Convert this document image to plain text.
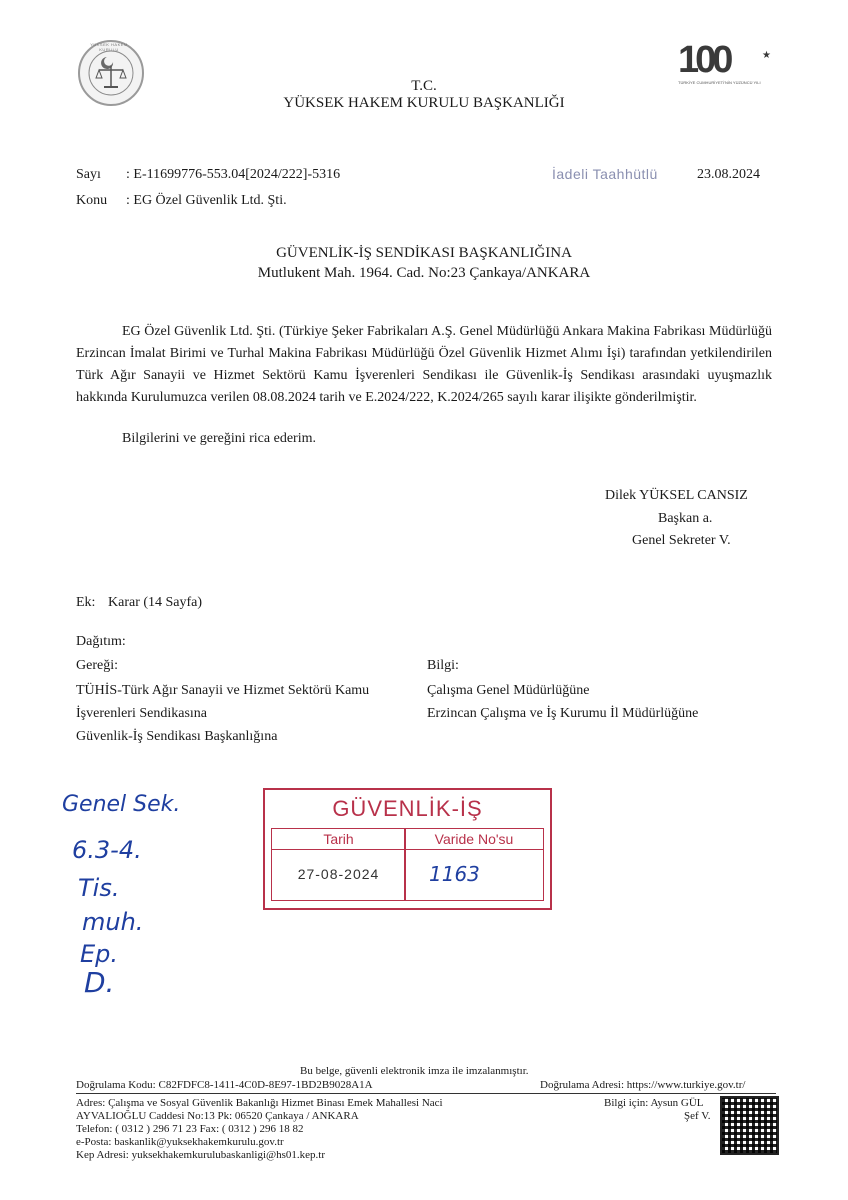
YÜKSEK HAKEM KURULU	100	★
TÜRKİYE CUMHURİYETİ'NİN YÜZÜNCÜ YILI
T.C.
YÜKSEK HAKEM KURULU BAŞKANLIĞI
Sayı : E-11699776-553.04[2024/222]-5316
Konu : EG Özel Güvenlik Ltd. Şti.
İadeli Taahhütlü	23.08.2024
GÜVENLİK-İŞ SENDİKASI BAŞKANLIĞINA
Mutlukent Mah. 1964. Cad. No:23 Çankaya/ANKARA
EG Özel Güvenlik Ltd. Şti. (Türkiye Şeker Fabrikaları A.Ş. Genel Müdürlüğü Ankara Makina Fabrikası Müdürlüğü Erzincan İmalat Birimi ve Turhal Makina Fabrikası Müdürlüğü Özel Güvenlik Hizmet Alımı İşi) tarafından yetkilendirilen Türk Ağır Sanayii ve Hizmet Sektörü Kamu İşverenleri Sendikası ile Güvenlik-İş Sendikası arasındaki uyuşmazlık hakkında Kurulumuzca verilen 08.08.2024 tarih ve E.2024/222, K.2024/265 sayılı karar ilişikte gönderilmiştir.
Bilgilerini ve gereğini rica ederim.
Dilek YÜKSEL CANSIZ
Başkan a.
Genel Sekreter V.
Ek: Karar (14 Sayfa)
Dağıtım:
Gereği:
TÜHİS-Türk Ağır Sanayii ve Hizmet Sektörü Kamu
İşverenleri Sendikasına
Güvenlik-İş Sendikası Başkanlığına
Bilgi:
Çalışma Genel Müdürlüğüne
Erzincan Çalışma ve İş Kurumu İl Müdürlüğüne
Genel Sek.
6.3-4.
Tis.
muh.
Ep.
D.
GÜVENLİK-İŞ
Tarih	Varide No'su
27-08-2024	1163
Bu belge, güvenli elektronik imza ile imzalanmıştır.
Doğrulama Kodu: C82FDFC8-1411-4C0D-8E97-1BD2B9028A1A	Doğrulama Adresi: https://www.turkiye.gov.tr/
Adres: Çalışma ve Sosyal Güvenlik Bakanlığı Hizmet Binası Emek Mahallesi Naci
AYVALIOĞLU Caddesi No:13 Pk: 06520 Çankaya / ANKARA
Telefon: ( 0312 ) 296 71 23 Fax: ( 0312 ) 296 18 82
e-Posta: baskanlik@yuksekhakemkurulu.gov.tr
Kep Adresi: yuksekhakemkurulubaskanligi@hs01.kep.tr
Bilgi için: Aysun GÜL
Şef V.
